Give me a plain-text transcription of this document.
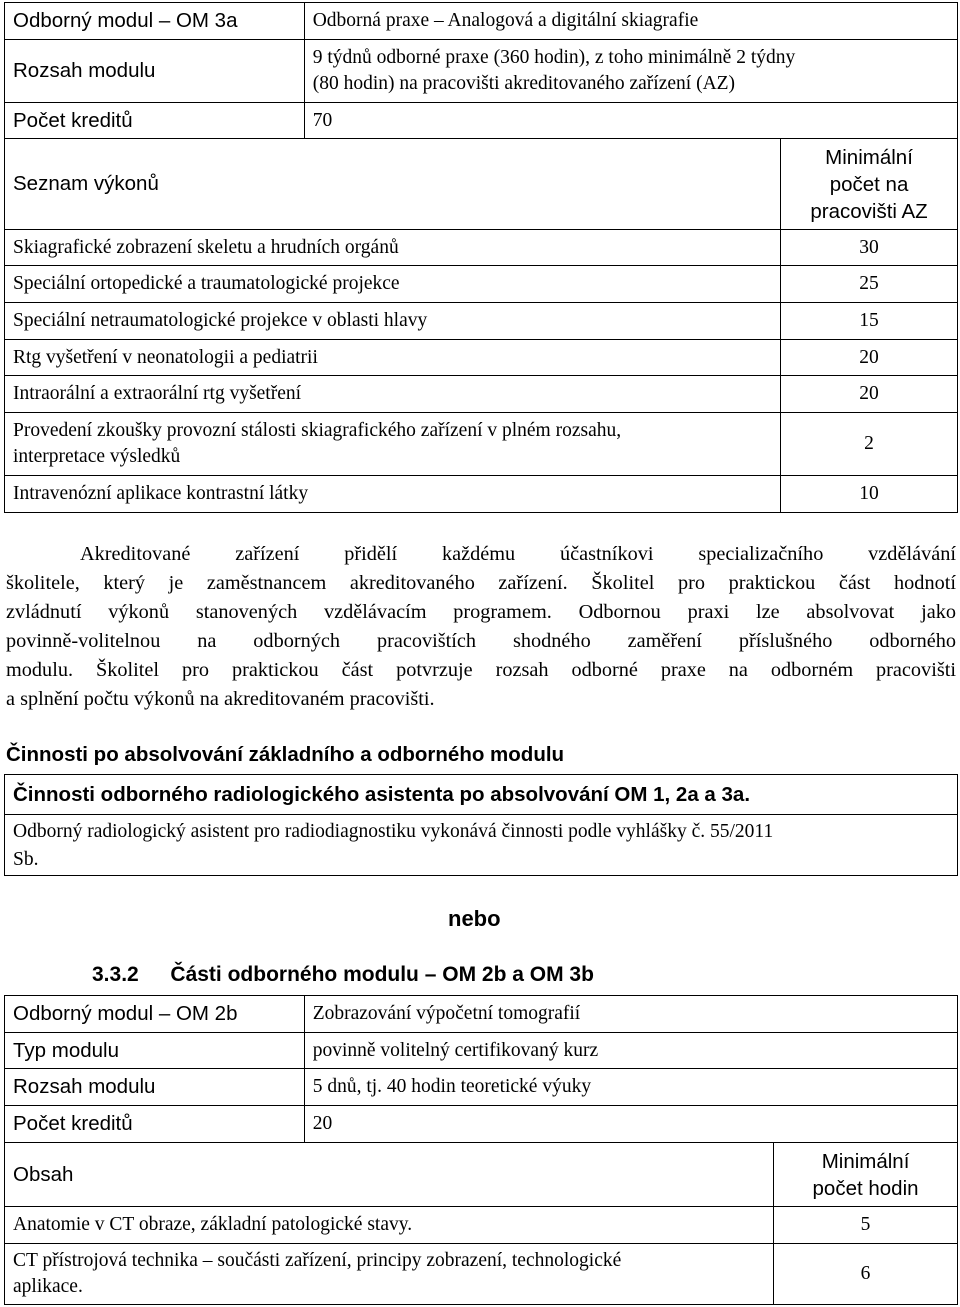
Odborný modul – OM 3a	Odborná praxe – Analogová a digitální skiagrafie	
Rozsah modulu	9 týdnů odborné praxe (360 hodin), z toho minimálně 2 týdny
(80 hodin) na pracovišti akreditovaného zařízení (AZ)	

Počet kreditů	70	
Seznam výkonů		Minimální
počet na
pracovišti AZ

Skiagrafické zobrazení skeletu a hrudních orgánů		30
Speciální ortopedické a traumatologické projekce		25
Speciální netraumatologické projekce v oblasti hlavy		15
Rtg vyšetření v neonatologii a pediatrii		20
Intraorální a extraorální rtg vyšetření		20

Provedení zkoušky provozní stálosti skiagrafického zařízení v plném rozsahu,
interpretace výsledků		2
Intravenózní aplikace kontrastní látky		10
Akreditované zařízení přidělí každému účastníkovi specializačního vzdělávání
školitele, který je zaměstnancem akreditovaného zařízení. Školitel pro praktickou část hodnotí
zvládnutí výkonů stanovených vzdělávacím programem. Odbornou praxi lze absolvovat jako
povinně-volitelnou na odborných pracovištích shodného zaměření příslušného odborného
modulu. Školitel pro praktickou část potvrzuje rozsah odborné praxe na odborném pracovišti
a splnění počtu výkonů na akreditovaném pracovišti.
Činnosti po absolvování základního a odborného modulu
Činnosti odborného radiologického asistenta po absolvování OM 1, 2a a 3a.
Odborný radiologický asistent pro radiodiagnostiku vykonává činnosti podle vyhlášky č. 55/2011
Sb.
nebo
3.3.2 Části odborného modulu – OM 2b a OM 3b
Odborný modul – OM 2b	Zobrazování výpočetní tomografií	
Typ modulu	povinně volitelný certifikovaný kurz	
Rozsah modulu	5 dnů, tj. 40 hodin teoretické výuky	
Počet kreditů	20	
Obsah		Minimální
počet hodin

Anatomie v CT obraze, základní patologické stavy.		5

CT přístrojová technika – součásti zařízení, principy zobrazení, technologické
aplikace.		6
